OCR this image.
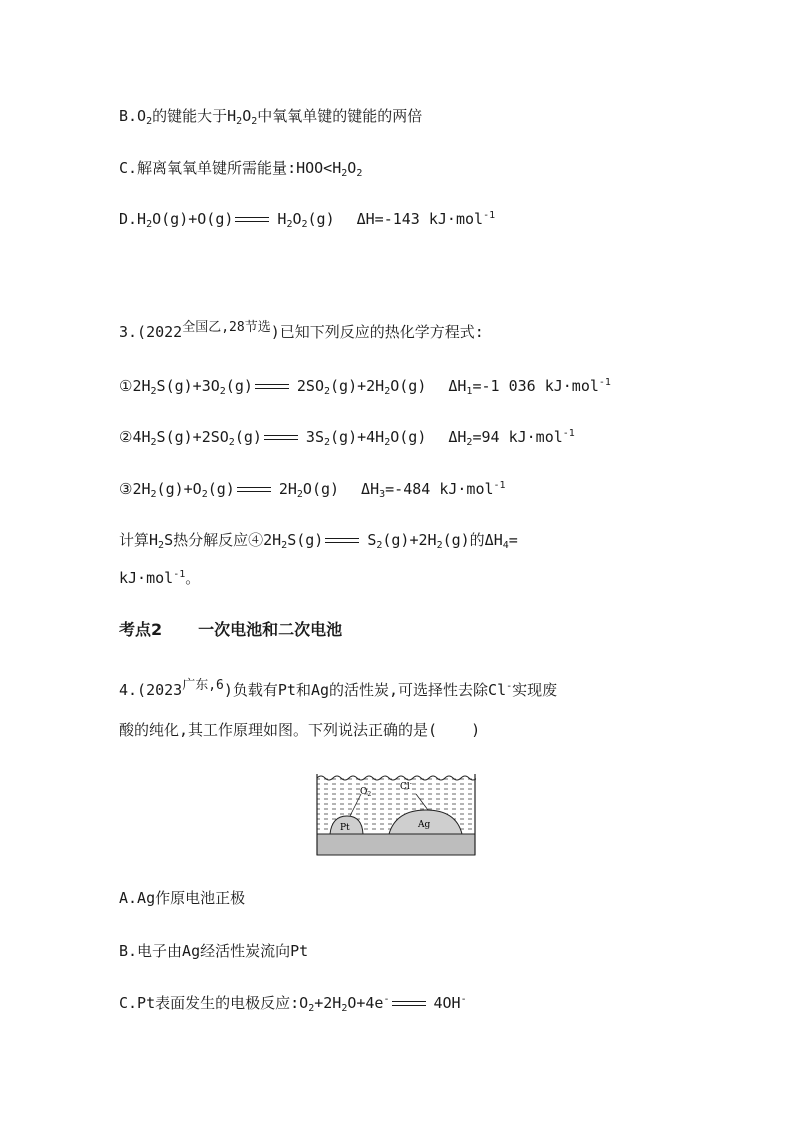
$B.O_2$的键能大于$H_2O_2$中氧氧单键的键能的两倍
C.解离氧氧单键所需能量$:HOO<H_2O_2$
$D.H_2O(g)+O(g)$	$H_2O_2(g)$ ΔH=-143 kJ·mol$^{-1}$
$3.(2022^{全国乙,28节选})$已知下列反应的热化学方程式:
$①2H_2S(g)+3O_2(g)$	$2SO_2(g)+2H_2O(g)$ $\Delta H_1=-1$ 036 kJ·mol$^{-1}$
$②4H_2S(g)+2SO_2(g)$	$3S_2(g)+4H_2O(g)$ $\Delta H_2=94$ kJ·mol$^{-1}$
$③2H_2(g)+O_2(g)$	$2H_2O(g)$ $\Delta H_3=-484$ kJ·mol$^{-1}$
计算$H_2S$热分解反应$④2H_2S(g)$	$S_2(g)+2H_2(g)$的$\Delta H_4=$
kJ·mol$^{-1}$。
考点2 一次电池和二次电池
$4.(2023^{广东,6})$负载有Pt和Ag的活性炭,可选择性去除Cl-实现废
酸的纯化,其工作原理如图。下列说法正确的是( )
$O_2$
Cl-
Pt	Ag
A.Ag作原电池正极
B.电子由Ag经活性炭流向Pt
C.Pt表面发生的电极反应$:O_2+2H_2O+4e^-$	4OH-
